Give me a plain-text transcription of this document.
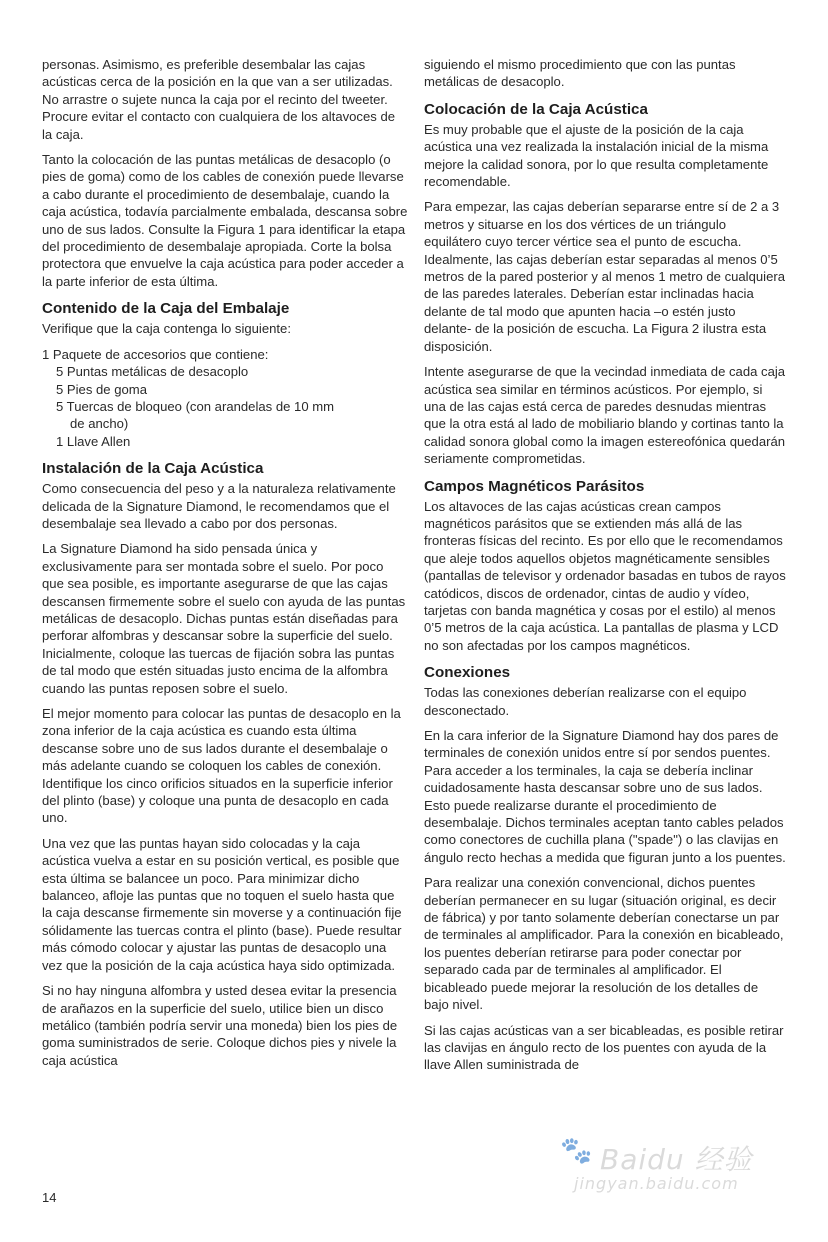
personas. Asimismo, es preferible desembalar las cajas acústicas cerca de la posición en la que van a ser utilizadas. No arrastre o sujete nunca la caja por el recinto del tweeter. Procure evitar el contacto con cualquiera de los altavoces de la caja.

Tanto la colocación de las puntas metálicas de desacoplo (o pies de goma) como de los cables de conexión puede llevarse a cabo durante el procedimiento de desembalaje, cuando la caja acústica, todavía parcialmente embalada, descansa sobre uno de sus lados. Consulte la Figura 1 para identificar la etapa del procedimiento de desembalaje apropiada. Corte la bolsa protectora que envuelve la caja acústica para poder acceder a la parte inferior de esta última.

Contenido de la Caja del Embalaje

Verifique que la caja contenga lo siguiente:

1 Paquete de accesorios que contiene:
5 Puntas metálicas de desacoplo
5 Pies de goma
5 Tuercas de bloqueo (con arandelas de 10 mm
de ancho)
1 Llave Allen
Instalación de la Caja Acústica

Como consecuencia del peso y a la naturaleza relativamente delicada de la Signature Diamond, le recomendamos que el desembalaje sea llevado a cabo por dos personas.

La Signature Diamond ha sido pensada única y exclusivamente para ser montada sobre el suelo. Por poco que sea posible, es importante asegurarse de que las cajas descansen firmemente sobre el suelo con ayuda de las puntas metálicas de desacoplo. Dichas puntas están diseñadas para perforar alfombras y descansar sobre la superficie del suelo. Inicialmente, coloque las tuercas de fijación sobra las puntas de tal modo que estén situadas justo encima de la alfombra cuando las puntas reposen sobre el suelo.

El mejor momento para colocar las puntas de desacoplo en la zona inferior de la caja acústica es cuando esta última descanse sobre uno de sus lados durante el desembalaje o más adelante cuando se coloquen los cables de conexión. Identifique los cinco orificios situados en la superficie inferior del plinto (base) y coloque una punta de desacoplo en cada uno.

Una vez que las puntas hayan sido colocadas y la caja acústica vuelva a estar en su posición vertical, es posible que esta última se balancee un poco. Para minimizar dicho balanceo, afloje las puntas que no toquen el suelo hasta que la caja descanse firmemente sin moverse y a continuación fije sólidamente las tuercas contra el plinto (base). Puede resultar más cómodo colocar y ajustar las puntas de desacoplo una vez que la posición de la caja acústica haya sido optimizada.

Si no hay ninguna alfombra y usted desea evitar la presencia de arañazos en la superficie del suelo, utilice bien un disco metálico (también podría servir una moneda) bien los pies de goma suministrados de serie. Coloque dichos pies y nivele la caja acústica

siguiendo el mismo procedimiento que con las puntas metálicas de desacoplo.

Colocación de la Caja Acústica

Es muy probable que el ajuste de la posición de la caja acústica una vez realizada la instalación inicial de la misma mejore la calidad sonora, por lo que resulta completamente recomendable.

Para empezar, las cajas deberían separarse entre sí de 2 a 3 metros y situarse en los dos vértices de un triángulo equilátero cuyo tercer vértice sea el punto de escucha. Idealmente, las cajas deberían estar separadas al menos 0’5 metros de la pared posterior y al menos 1 metro de cualquiera de las paredes laterales. Deberían estar inclinadas hacia delante de tal modo que apunten hacia –o estén justo delante- de la posición de escucha. La Figura 2 ilustra esta disposición.

Intente asegurarse de que la vecindad inmediata de cada caja acústica sea similar en términos acústicos. Por ejemplo, si una de las cajas está cerca de paredes desnudas mientras que la otra está al lado de mobiliario blando y cortinas tanto la calidad sonora global como la imagen estereofónica quedarán seriamente comprometidas.

Campos Magnéticos Parásitos

Los altavoces de las cajas acústicas crean campos magnéticos parásitos que se extienden más allá de las fronteras físicas del recinto. Es por ello que le recomendamos que aleje todos aquellos objetos magnéticamente sensibles (pantallas de televisor y ordenador basadas en tubos de rayos catódicos, discos de ordenador, cintas de audio y vídeo, tarjetas con banda magnética y cosas por el estilo) al menos 0’5 metros de la caja acústica. La pantallas de plasma y LCD no son afectadas por los campos magnéticos.

Conexiones

Todas las conexiones deberían realizarse con el equipo desconectado.

En la cara inferior de la Signature Diamond hay dos pares de terminales de conexión unidos entre sí por sendos puentes. Para acceder a los terminales, la caja se debería inclinar cuidadosamente hasta descansar sobre uno de sus lados. Esto puede realizarse durante el procedimiento de desembalaje. Dichos terminales aceptan tanto cables pelados como conectores de cuchilla plana ("spade") o las clavijas en ángulo recto hechas a medida que figuran junto a los puentes.

Para realizar una conexión convencional, dichos puentes deberían permanecer en su lugar (situación original, es decir de fábrica) y por tanto solamente deberían conectarse un par de terminales al amplificador. Para la conexión en bicableado, los puentes deberían retirarse para poder conectar por separado cada par de terminales al amplificador. El bicableado puede mejorar la resolución de los detalles de bajo nivel.

Si las cajas acústicas van a ser bicableadas, es posible retirar las clavijas en ángulo recto de los puentes con ayuda de la llave Allen suministrada de

14
🐾 Baidu 经验
jingyan.baidu.com
